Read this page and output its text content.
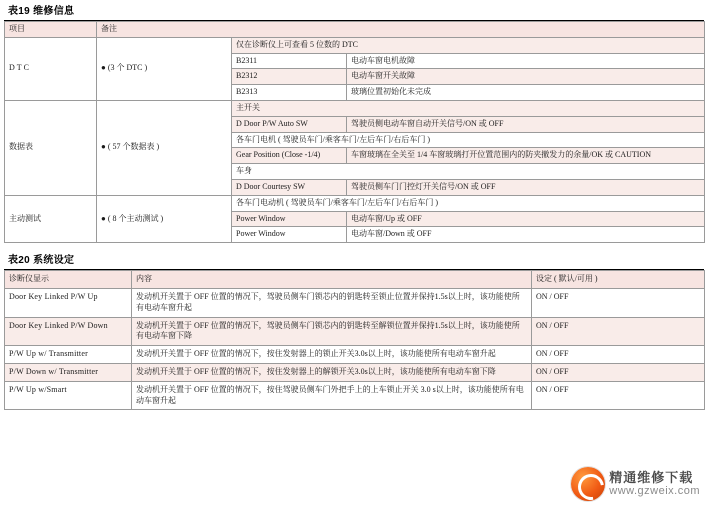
表19 维修信息
项目	备注		
DTC	● (3 个 DTC )	仅在诊断仪上可查看 5 位数的 DTC	
		B2311	电动车窗电机故障
		B2312	电动车窗开关故障
		B2313	玻璃位置初始化未完成
数据表	● ( 57 个数据表 )	主开关	
		D Door P/W Auto SW	驾驶员侧电动车窗自动开关信号/ON 或 OFF
		各车门电机 ( 驾驶员车门/乘客车门/左后车门/右后车门 )	
		Gear Position (Close -1/4)	车窗玻璃在全关至 1/4 车窗玻璃打开位置范围内的防夹撤发力的余量/OK 或 CAUTION
		车身	
		D Door Courtesy SW	驾驶员侧车门门控灯开关信号/ON 或 OFF
主动测试	● ( 8 个主动测试 )	各车门电动机 ( 驾驶员车门/乘客车门/左后车门/右后车门 )	
		Power Window	电动车窗/Up 或 OFF
		Power Window	电动车窗/Down 或 OFF
表20 系统设定
诊断仪显示	内容	设定 ( 默认/可用 )
Door Key Linked P/W Up	发动机开关置于 OFF 位置的情况下，驾驶员侧车门锁芯内的钥匙转至锁止位置并保持1.5s以上时，该功能使所有电动车窗升起	ON / OFF
Door Key Linked P/W Down	发动机开关置于 OFF 位置的情况下，驾驶员侧车门锁芯内的钥匙转至解锁位置并保持1.5s以上时，该功能使所有电动车窗下降	ON / OFF
P/W Up w/ Transmitter	发动机开关置于 OFF 位置的情况下，按住发射器上的锁止开关3.0s以上时，该功能使所有电动车窗升起	ON / OFF
P/W Down w/ Transmitter	发动机开关置于 OFF 位置的情况下，按住发射器上的解锁开关3.0s以上时，该功能使所有电动车窗下降	ON / OFF
P/W Up w/Smart	发动机开关置于 OFF 位置的情况下，按住驾驶员侧车门外把手上的上车锁止开关 3.0 s以上时，该功能使所有电动车窗升起	ON / OFF
精通维修下载
www.gzweix.com
